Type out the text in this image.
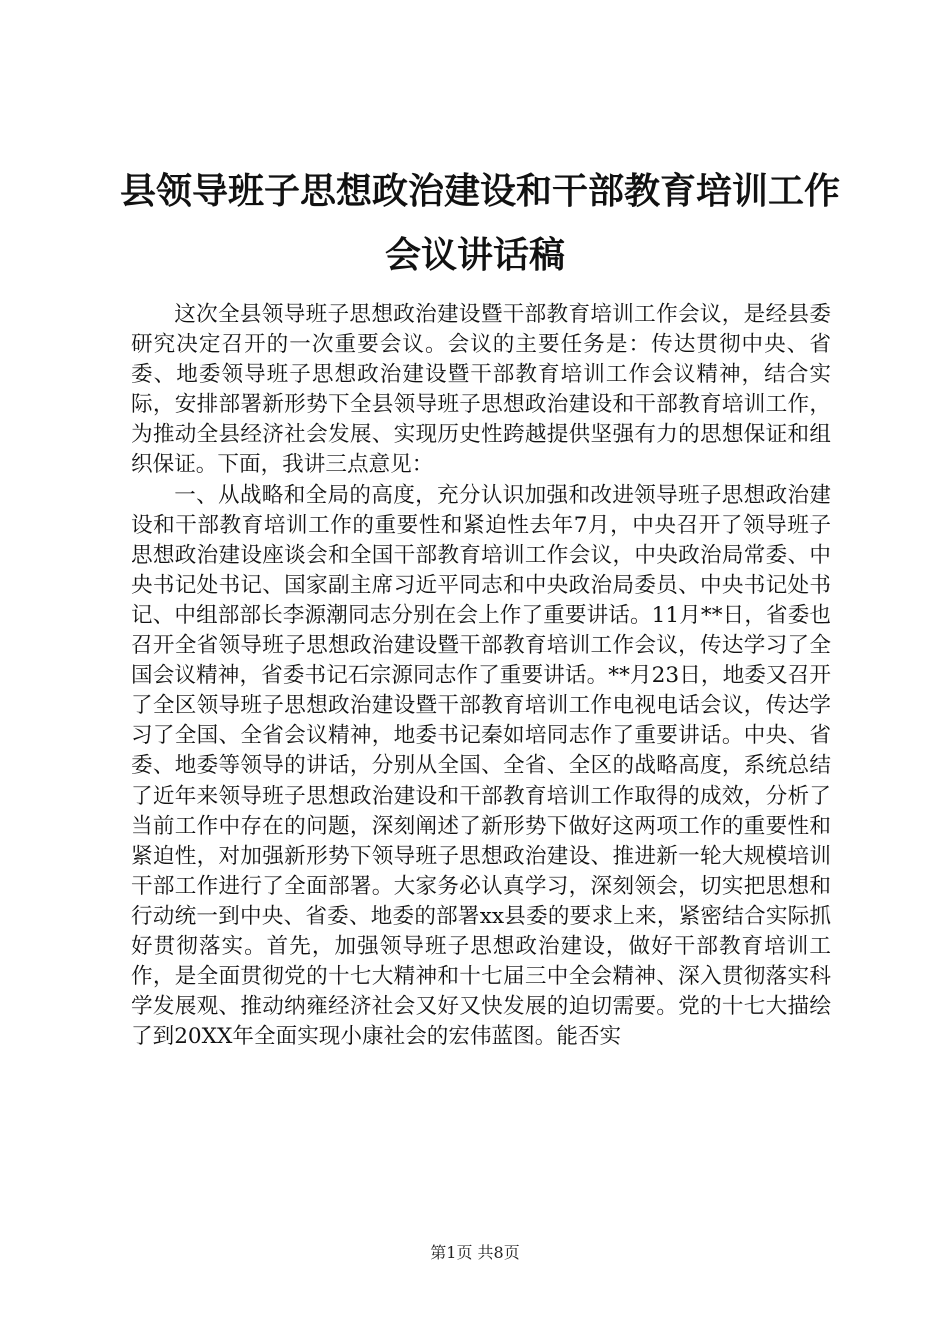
县领导班子思想政治建设和干部教育培训工作
会议讲话稿

这次全县领导班子思想政治建设暨干部教育培训工作会议，是经县委研究决定召开的一次重要会议。会议的主要任务是：传达贯彻中央、省委、地委领导班子思想政治建设暨干部教育培训工作会议精神，结合实际，安排部署新形势下全县领导班子思想政治建设和干部教育培训工作，为推动全县经济社会发展、实现历史性跨越提供坚强有力的思想保证和组织保证。下面，我讲三点意见：

一、从战略和全局的高度，充分认识加强和改进领导班子思想政治建设和干部教育培训工作的重要性和紧迫性去年7月，中央召开了领导班子思想政治建设座谈会和全国干部教育培训工作会议，中央政治局常委、中央书记处书记、国家副主席习近平同志和中央政治局委员、中央书记处书记、中组部部长李源潮同志分别在会上作了重要讲话。11月**日，省委也召开全省领导班子思想政治建设暨干部教育培训工作会议，传达学习了全国会议精神，省委书记石宗源同志作了重要讲话。**月23日，地委又召开了全区领导班子思想政治建设暨干部教育培训工作电视电话会议，传达学习了全国、全省会议精神，地委书记秦如培同志作了重要讲话。中央、省委、地委等领导的讲话，分别从全国、全省、全区的战略高度，系统总结了近年来领导班子思想政治建设和干部教育培训工作取得的成效，分析了当前工作中存在的问题，深刻阐述了新形势下做好这两项工作的重要性和紧迫性，对加强新形势下领导班子思想政治建设、推进新一轮大规模培训干部工作进行了全面部署。大家务必认真学习，深刻领会，切实把思想和行动统一到中央、省委、地委的部署xx县委的要求上来，紧密结合实际抓好贯彻落实。首先，加强领导班子思想政治建设，做好干部教育培训工作，是全面贯彻党的十七大精神和十七届三中全会精神、深入贯彻落实科学发展观、推动纳雍经济社会又好又快发展的迫切需要。党的十七大描绘了到20XX年全面实现小康社会的宏伟蓝图。能否实

第1页 共8页
